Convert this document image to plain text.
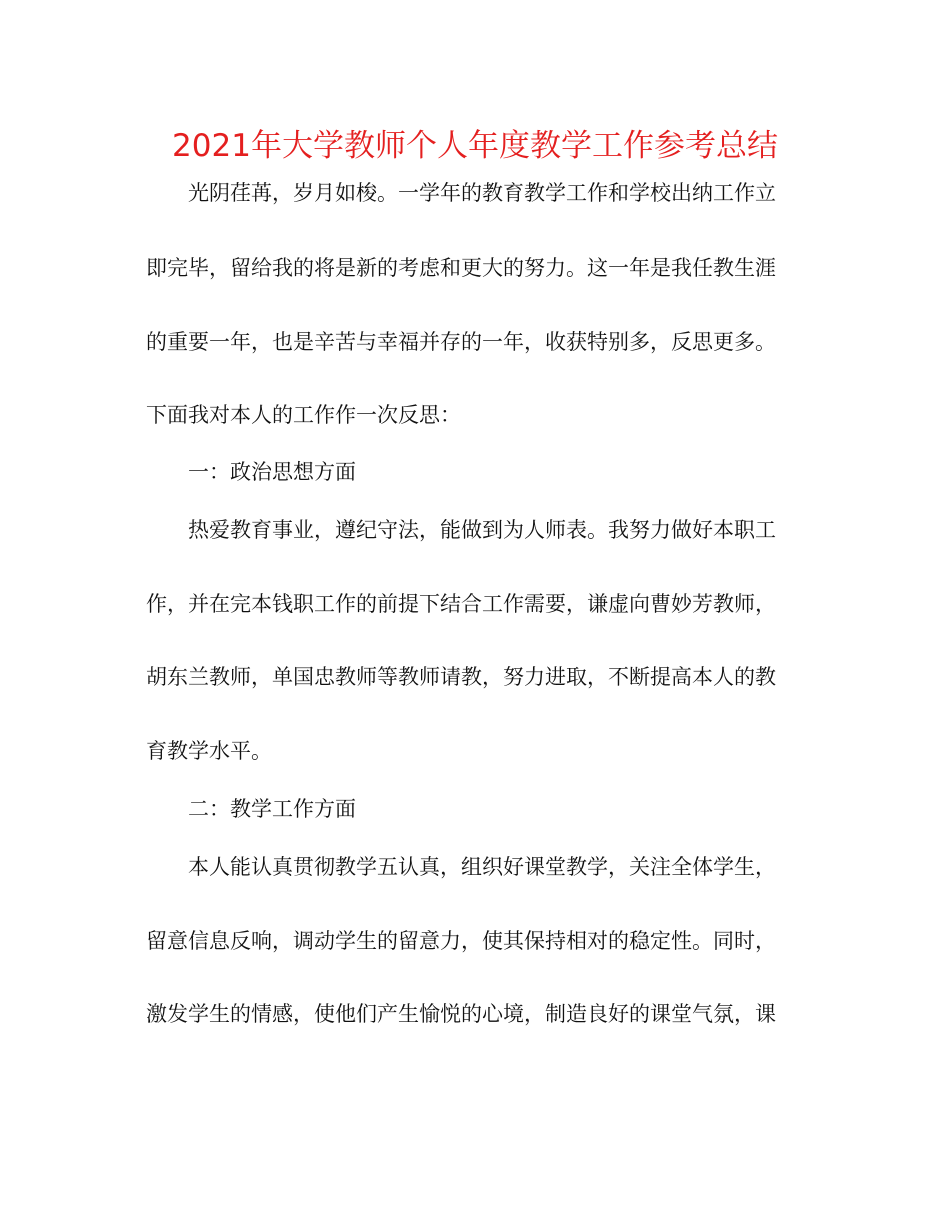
2021年大学教师个人年度教学工作参考总结
光阴荏苒，岁月如梭。一学年的教育教学工作和学校出纳工作立
即完毕，留给我的将是新的考虑和更大的努力。这一年是我任教生涯
的重要一年，也是辛苦与幸福并存的一年，收获特别多，反思更多。
下面我对本人的工作作一次反思：
一：政治思想方面
热爱教育事业，遵纪守法，能做到为人师表。我努力做好本职工
作，并在完本钱职工作的前提下结合工作需要，谦虚向曹妙芳教师，
胡东兰教师，单国忠教师等教师请教，努力进取，不断提高本人的教
育教学水平。
二：教学工作方面
本人能认真贯彻教学五认真，组织好课堂教学，关注全体学生，
留意信息反响，调动学生的留意力，使其保持相对的稳定性。同时，
激发学生的情感，使他们产生愉悦的心境，制造良好的课堂气氛，课
